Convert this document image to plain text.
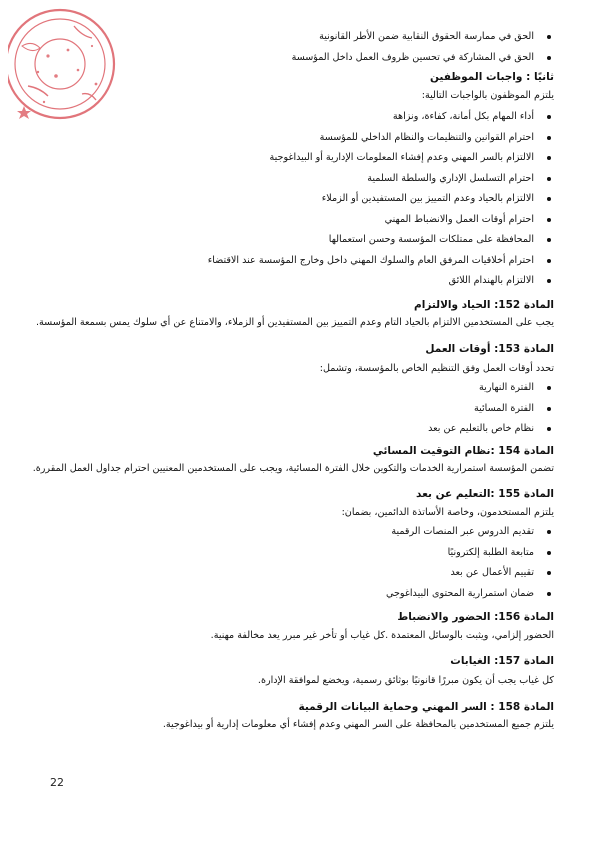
الحق في ممارسة الحقوق النقابية ضمن الأطر القانونية
الحق في المشاركة في تحسين ظروف العمل داخل المؤسسة
ثانيًا : واجبات الموظفين
يلتزم الموظفون بالواجبات التالية:
أداء المهام بكل أمانة، كفاءة، ونزاهة
احترام القوانين والتنظيمات والنظام الداخلي للمؤسسة
الالتزام بالسر المهني وعدم إفشاء المعلومات الإدارية أو البيداغوجية
احترام التسلسل الإداري والسلطة السلمية
الالتزام بالحياد وعدم التمييز بين المستفيدين أو الزملاء
احترام أوقات العمل والانضباط المهني
المحافظة على ممتلكات المؤسسة وحسن استعمالها
احترام أخلاقيات المرفق العام والسلوك المهني داخل وخارج المؤسسة عند الاقتضاء
الالتزام بالهندام اللائق
المادة 152: الحياد والالتزام
يجب على المستخدمين الالتزام بالحياد التام وعدم التمييز بين المستفيدين أو الزملاء، والامتناع عن أي سلوك يمس بسمعة المؤسسة.
المادة 153: أوقات العمل
تحدد أوقات العمل وفق التنظيم الخاص بالمؤسسة، وتشمل:
الفترة النهارية
الفترة المسائية
نظام خاص بالتعليم عن بعد
المادة 154 :نظام التوقيت المسائي
تضمن المؤسسة استمرارية الخدمات والتكوين خلال الفترة المسائية، ويجب على المستخدمين المعنيين احترام جداول العمل المقررة.
المادة 155 :التعليم عن بعد
يلتزم المستخدمون، وخاصة الأساتذة الدائمين، بضمان:
تقديم الدروس عبر المنصات الرقمية
متابعة الطلبة إلكترونيًا
تقييم الأعمال عن بعد
ضمان استمرارية المحتوى البيداغوجي
المادة 156: الحضور والانضباط
الحضور إلزامي، ويثبت بالوسائل المعتمدة .كل غياب أو تأخر غير مبرر يعد مخالفة مهنية.
المادة 157: الغيابات
كل غياب يجب أن يكون مبررًا قانونيًا بوثائق رسمية، ويخضع لموافقة الإدارة.
المادة 158 : السر المهني وحماية البيانات الرقمية
يلتزم جميع المستخدمين بالمحافظة على السر المهني وعدم إفشاء أي معلومات إدارية أو بيداغوجية.
22
